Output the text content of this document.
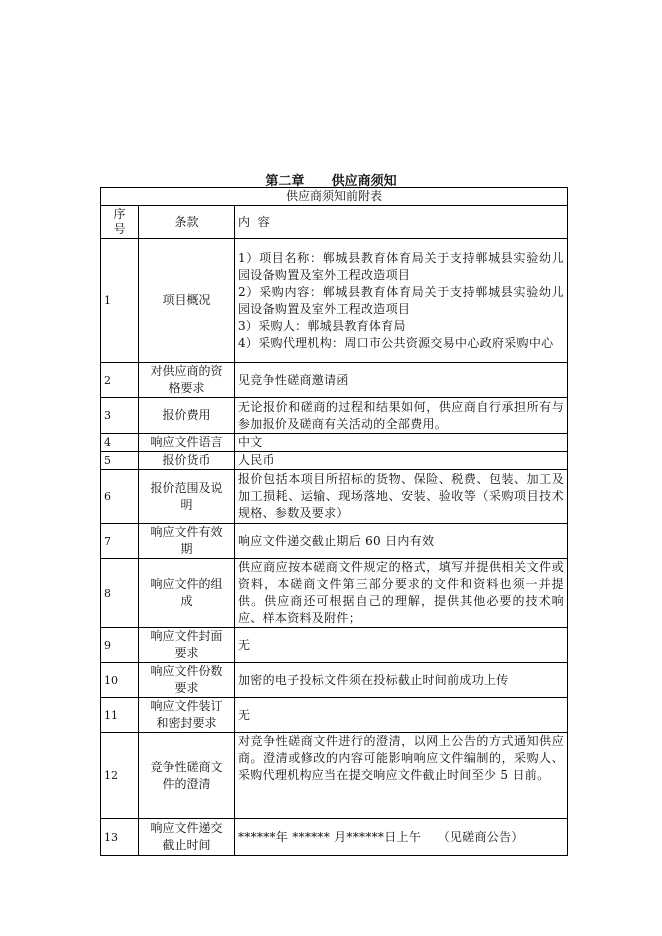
第二章      供应商须知
供应商须知前附表		
序号	条款	内  容
1	项目概况	1）项目名称：郸城县教育体育局关于支持郸城县实验幼儿园设备购置及室外工程改造项目
2）采购内容：郸城县教育体育局关于支持郸城县实验幼儿园设备购置及室外工程改造项目
3）采购人：郸城县教育体育局
4）采购代理机构：周口市公共资源交易中心政府采购中心

2	对供应商的资格要求	见竞争性磋商邀请函

3	报价费用	无论报价和磋商的过程和结果如何，供应商自行承担所有与参加报价及磋商有关活动的全部费用。

4	响应文件语言	中文

5	报价货币	人民币

6	报价范围及说明	报价包括本项目所招标的货物、保险、税费、包装、加工及加工损耗、运输、现场落地、安装、验收等（采购项目技术规格、参数及要求）

7	响应文件有效期	响应文件递交截止期后 60 日内有效

8	响应文件的组成	供应商应按本磋商文件规定的格式，填写并提供相关文件或资料，本磋商文件第三部分要求的文件和资料也须一并提供。供应商还可根据自己的理解，提供其他必要的技术响应、样本资料及附件；

9	响应文件封面要求	无

10	响应文件份数要求	加密的电子投标文件须在投标截止时间前成功上传

11	响应文件装订和密封要求	无

12	竞争性磋商文件的澄清	对竞争性磋商文件进行的澄清，以网上公告的方式通知供应商。澄清或修改的内容可能影响响应文件编制的，采购人、采购代理机构应当在提交响应文件截止时间至少 5 日前。

13	响应文件递交截止时间	******年 ****** 月******日上午    （见磋商公告）
